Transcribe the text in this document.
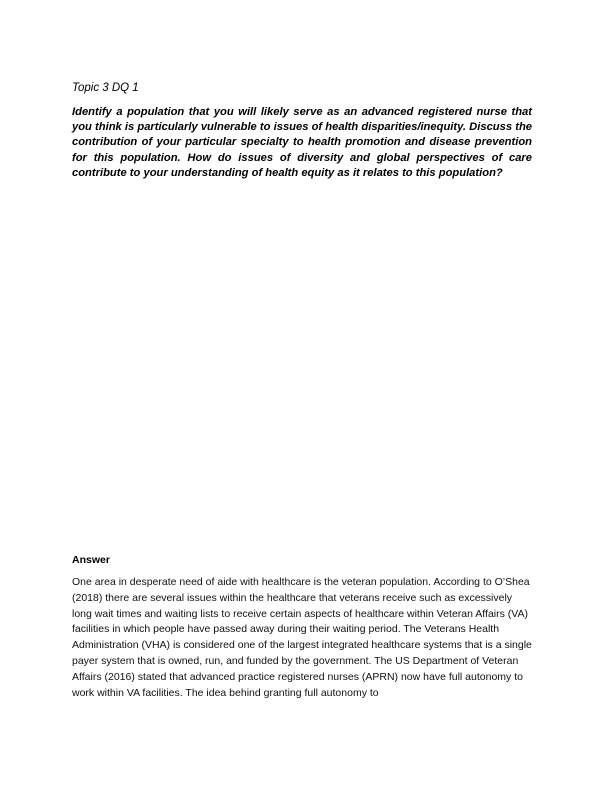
Topic 3 DQ 1

Identify a population that you will likely serve as an advanced registered nurse that you think is particularly vulnerable to issues of health disparities/inequity. Discuss the contribution of your particular specialty to health promotion and disease prevention for this population. How do issues of diversity and global perspectives of care contribute to your understanding of health equity as it relates to this population?

Answer

One area in desperate need of aide with healthcare is the veteran population. According to O’Shea (2018) there are several issues within the healthcare that veterans receive such as excessively long wait times and waiting lists to receive certain aspects of healthcare within Veteran Affairs (VA) facilities in which people have passed away during their waiting period. The Veterans Health Administration (VHA) is considered one of the largest integrated healthcare systems that is a single payer system that is owned, run, and funded by the government. The US Department of Veteran Affairs (2016) stated that advanced practice registered nurses (APRN) now have full autonomy to work within VA facilities. The idea behind granting full autonomy to
